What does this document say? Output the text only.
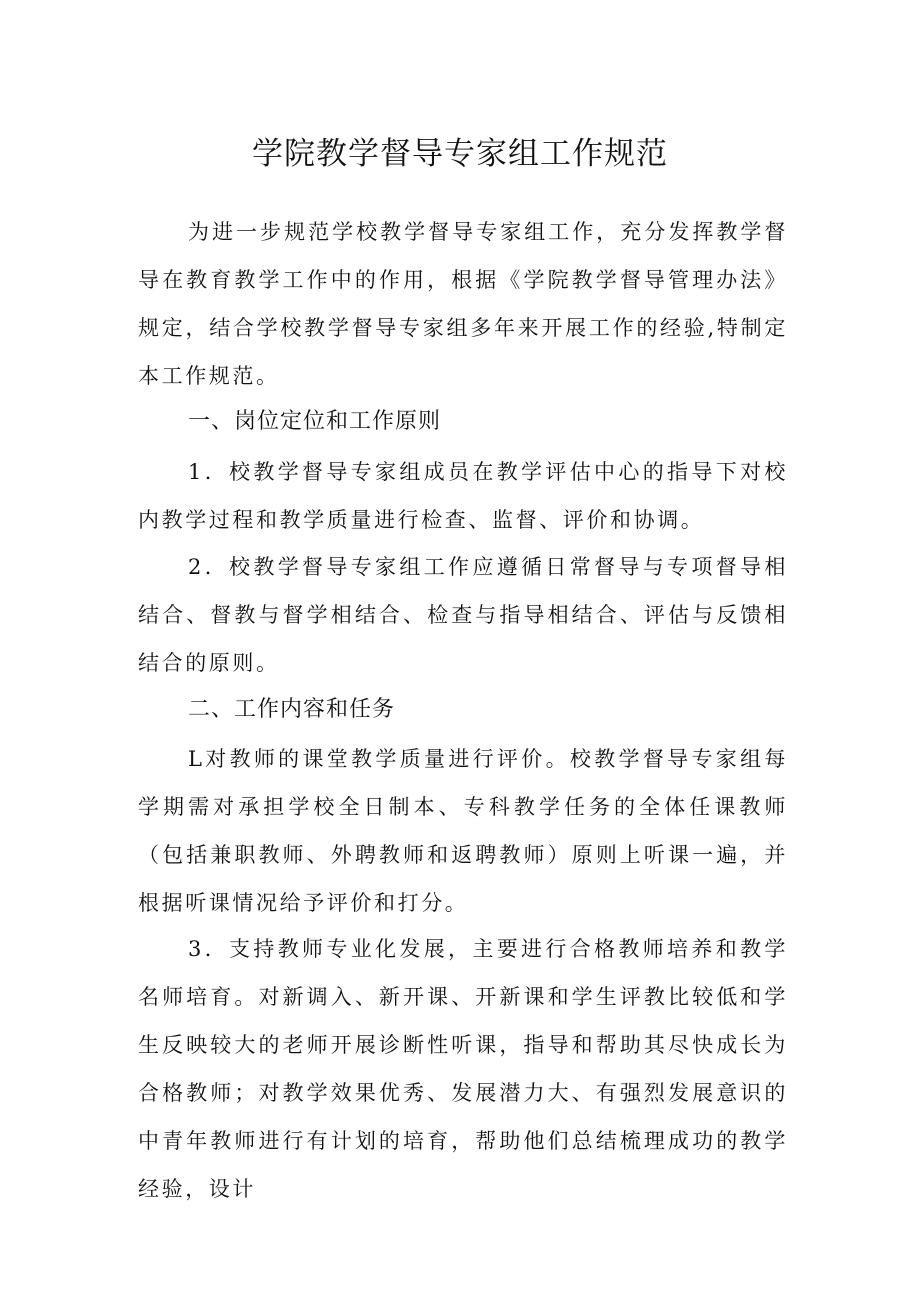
学院教学督导专家组工作规范

为进一步规范学校教学督导专家组工作，充分发挥教学督导在教育教学工作中的作用，根据《学院教学督导管理办法》规定，结合学校教学督导专家组多年来开展工作的经验,特制定本工作规范。

一、岗位定位和工作原则

1．校教学督导专家组成员在教学评估中心的指导下对校内教学过程和教学质量进行检查、监督、评价和协调。

2．校教学督导专家组工作应遵循日常督导与专项督导相结合、督教与督学相结合、检查与指导相结合、评估与反馈相结合的原则。

二、工作内容和任务

L对教师的课堂教学质量进行评价。校教学督导专家组每学期需对承担学校全日制本、专科教学任务的全体任课教师（包括兼职教师、外聘教师和返聘教师）原则上听课一遍，并根据听课情况给予评价和打分。

3．支持教师专业化发展，主要进行合格教师培养和教学名师培育。对新调入、新开课、开新课和学生评教比较低和学生反映较大的老师开展诊断性听课，指导和帮助其尽快成长为合格教师；对教学效果优秀、发展潜力大、有强烈发展意识的中青年教师进行有计划的培育，帮助他们总结梳理成功的教学经验，设计
